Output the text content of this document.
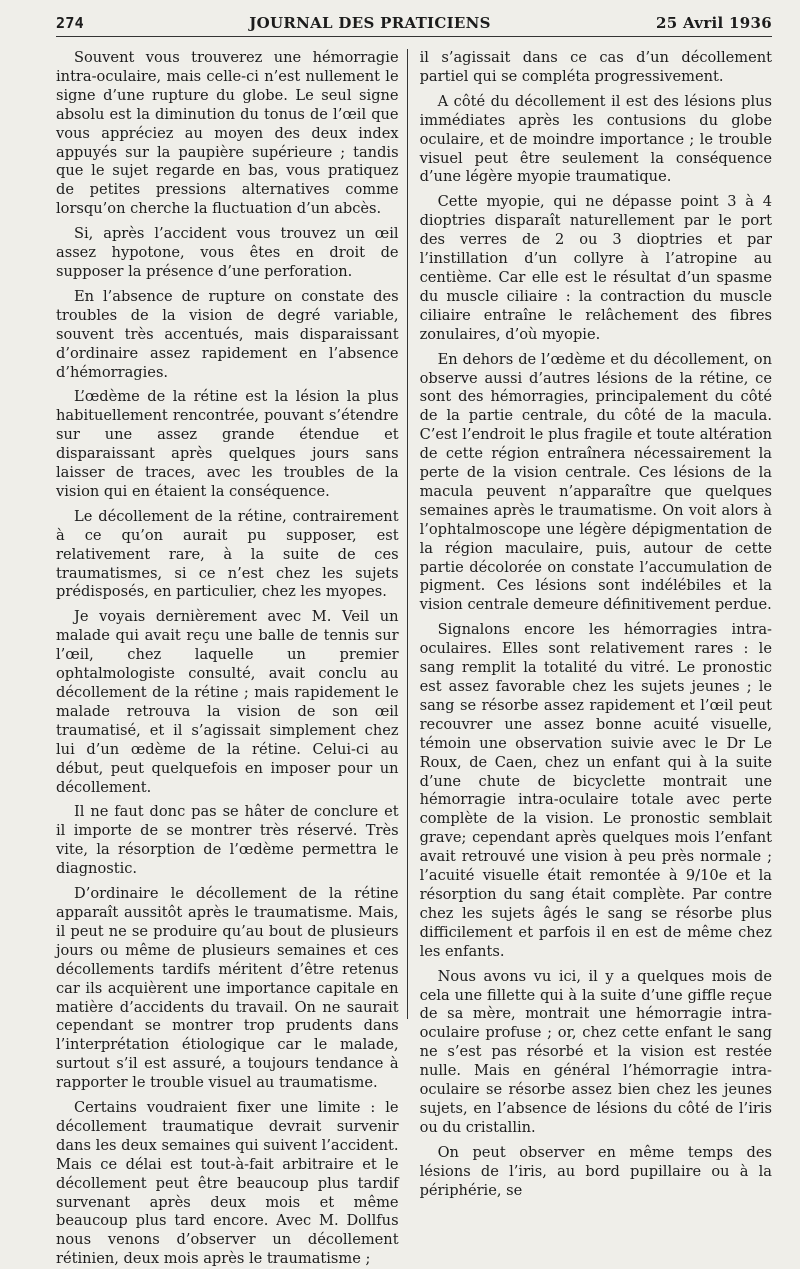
274	JOURNAL DES PRATICIENS	25 Avril 1936

Souvent vous trouverez une hémorragie intra-oculaire, mais celle-ci n’est nullement le signe d’une rupture du globe. Le seul signe absolu est la diminution du tonus de l’œil que vous appréciez au moyen des deux index appuyés sur la paupière supérieure ; tandis que le sujet regarde en bas, vous pratiquez de petites pressions alternatives comme lorsqu’on cherche la fluctuation d’un abcès.

Si, après l’accident vous trouvez un œil assez hypotone, vous êtes en droit de supposer la présence d’une perforation.

En l’absence de rupture on constate des troubles de la vision de degré variable, souvent très accentués, mais disparaissant d’ordinaire assez rapidement en l’absence d’hémorragies.

L’œdème de la rétine est la lésion la plus habituellement rencontrée, pouvant s’étendre sur une assez grande étendue et disparaissant après quelques jours sans laisser de traces, avec les troubles de la vision qui en étaient la conséquence.

Le décollement de la rétine, contrairement à ce qu’on aurait pu supposer, est relativement rare, à la suite de ces traumatismes, si ce n’est chez les sujets prédisposés, en particulier, chez les myopes.

Je voyais dernièrement avec M. Veil un malade qui avait reçu une balle de tennis sur l’œil, chez laquelle un premier ophtalmologiste consulté, avait conclu au décollement de la rétine ; mais rapidement le malade retrouva la vision de son œil traumatisé, et il s’agissait simplement chez lui d’un œdème de la rétine. Celui-ci au début, peut quelquefois en imposer pour un décollement.

Il ne faut donc pas se hâter de conclure et il importe de se montrer très réservé. Très vite, la résorption de l’œdème permettra le diagnostic.

D’ordinaire le décollement de la rétine apparaît aussitôt après le traumatisme. Mais, il peut ne se produire qu’au bout de plusieurs jours ou même de plusieurs semaines et ces décollements tardifs méritent d’être retenus car ils acquièrent une importance capitale en matière d’accidents du travail. On ne saurait cependant se montrer trop prudents dans l’interprétation étiologique car le malade, surtout s’il est assuré, a toujours tendance à rapporter le trouble visuel au traumatisme.

Certains voudraient fixer une limite : le décollement traumatique devrait survenir dans les deux semaines qui suivent l’accident. Mais ce délai est tout-à-fait arbitraire et le décollement peut être beaucoup plus tardif survenant après deux mois et même beaucoup plus tard encore. Avec M. Dollfus nous venons d’observer un décollement rétinien, deux mois après le traumatisme ;

il s’agissait dans ce cas d’un décollement partiel qui se compléta progressivement.

A côté du décollement il est des lésions plus immédiates après les contusions du globe oculaire, et de moindre importance ; le trouble visuel peut être seulement la conséquence d’une légère myopie traumatique.

Cette myopie, qui ne dépasse point 3 à 4 dioptries disparaît naturellement par le port des verres de 2 ou 3 dioptries et par l’instillation d’un collyre à l’atropine au centième. Car elle est le résultat d’un spasme du muscle ciliaire : la contraction du muscle ciliaire entraîne le relâchement des fibres zonulaires, d’où myopie.

En dehors de l’œdème et du décollement, on observe aussi d’autres lésions de la rétine, ce sont des hémorragies, principalement du côté de la partie centrale, du côté de la macula. C’est l’endroit le plus fragile et toute altération de cette région entraînera nécessairement la perte de la vision centrale. Ces lésions de la macula peuvent n’apparaître que quelques semaines après le traumatisme. On voit alors à l’ophtalmoscope une légère dépigmentation de la région maculaire, puis, autour de cette partie décolorée on constate l’accumulation de pigment. Ces lésions sont indélébiles et la vision centrale demeure définitivement perdue.

Signalons encore les hémorragies intra-oculaires. Elles sont relativement rares : le sang remplit la totalité du vitré. Le pronostic est assez favorable chez les sujets jeunes ; le sang se résorbe assez rapidement et l’œil peut recouvrer une assez bonne acuité visuelle, témoin une observation suivie avec le Dr Le Roux, de Caen, chez un enfant qui à la suite d’une chute de bicyclette montrait une hémorragie intra-oculaire totale avec perte complète de la vision. Le pronostic semblait grave; cependant après quelques mois l’enfant avait retrouvé une vision à peu près normale ; l’acuité visuelle était remontée à 9/10e et la résorption du sang était complète. Par contre chez les sujets âgés le sang se résorbe plus difficilement et parfois il en est de même chez les enfants.

Nous avons vu ici, il y a quelques mois de cela une fillette qui à la suite d’une giffle reçue de sa mère, montrait une hémorragie intra-oculaire profuse ; or, chez cette enfant le sang ne s’est pas résorbé et la vision est restée nulle. Mais en général l’hémorragie intra-oculaire se résorbe assez bien chez les jeunes sujets, en l’absence de lésions du côté de l’iris ou du cristallin.

On peut observer en même temps des lésions de l’iris, au bord pupillaire ou à la périphérie, se
